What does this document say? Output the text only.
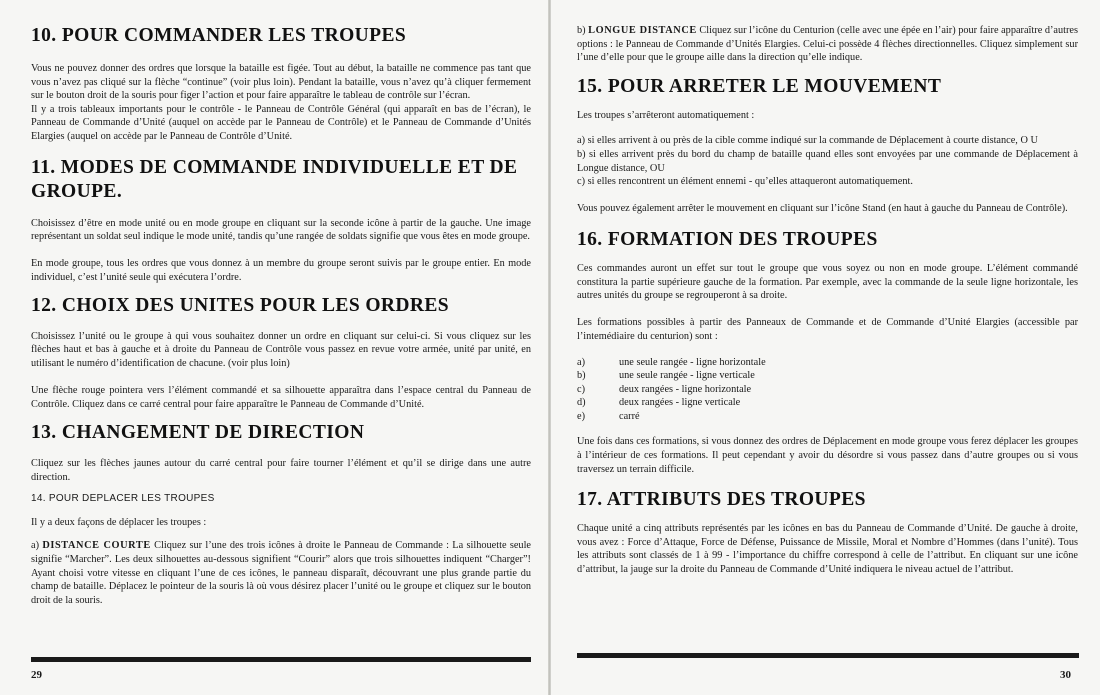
10. POUR COMMANDER LES TROUPES

Vous ne pouvez donner des ordres que lorsque la bataille est figée. Tout au début, la bataille ne commence pas tant que vous n’avez pas cliqué sur la flèche “continue” (voir plus loin). Pendant la bataille, vous n’avez qu’à cliquer fermement sur le bouton droit de la souris pour figer l’action et pour faire apparaître le tableau de contrôle sur l’écran.

Il y a trois tableaux importants pour le contrôle - le Panneau de Contrôle Général (qui apparaît en bas de l’écran), le Panneau de Commande d’Unité (auquel on accède par le Panneau de Contrôle) et le Panneau de Commande d’Unités Elargies (auquel on accède par le Panneau de Contrôle d’Unité.

11. MODES DE COMMANDE INDIVIDUELLE ET DE
GROUPE.

Choisissez d’être en mode unité ou en mode groupe en cliquant sur la seconde icône à partir de la gauche. Une image représentant un soldat seul indique le mode unité, tandis qu’une rangée de soldats signifie que vous êtes en mode groupe.

En mode groupe, tous les ordres que vous donnez à un membre du groupe seront suivis par le groupe entier. En mode individuel, c’est l’unité seule qui exécutera l’ordre.

12. CHOIX DES UNITES POUR LES ORDRES

Choisissez l’unité ou le groupe à qui vous souhaitez donner un ordre en cliquant sur celui-ci. Si vous cliquez sur les flèches haut et bas à gauche et à droite du Panneau de Contrôle vous passez en revue votre armée, unité par unité, en utilisant le numéro d’identification de chacune. (voir plus loin)

Une flèche rouge pointera vers l’élément commandé et sa silhouette apparaîtra dans l’espace central du Panneau de Contrôle. Cliquez dans ce carré central pour faire apparaître le Panneau de Commande d’Unité.

13. CHANGEMENT DE DIRECTION

Cliquez sur les flèches jaunes autour du carré central pour faire tourner l’élément et qu’il se dirige dans une autre direction.

14. POUR DEPLACER LES TROUPES

Il y a deux façons de déplacer les troupes :

a) DISTANCE COURTE Cliquez sur l’une des trois icônes à droite le Panneau de Commande : La silhouette seule signifie “Marcher”. Les deux silhouettes au-dessous signifient “Courir” alors que trois silhouettes indiquent “Charger”! Ayant choisi votre vitesse en cliquant l’une de ces icônes, le panneau disparaît, découvrant une plus grande partie du champ de bataille. Déplacez le pointeur de la souris là où vous désirez placer l’unité ou le groupe et cliquez sur le bouton droit de la souris.

29

b) LONGUE DISTANCE Cliquez sur l’icône du Centurion (celle avec une épée en l’air) pour faire apparaître d’autres options : le Panneau de Commande d’Unités Elargies. Celui-ci possède 4 flèches directionnelles. Cliquez simplement sur l’une d’elle pour que le groupe aille dans la direction qu’elle indique.

15. POUR ARRETER LE MOUVEMENT

Les troupes s’arrêteront automatiquement :

a) si elles arrivent à ou près de la cible comme indiqué sur la commande de Déplacement à courte distance, O U

b) si elles arrivent près du bord du champ de bataille quand elles sont envoyées par une commande de Déplacement à Longue distance, OU

c) si elles rencontrent un élément ennemi - qu’elles attaqueront automatiquement.

Vous pouvez également arrêter le mouvement en cliquant sur l’icône Stand (en haut à gauche du Panneau de Contrôle).

16. FORMATION DES TROUPES

Ces commandes auront un effet sur tout le groupe que vous soyez ou non en mode groupe. L’élément commandé constitura la partie supérieure gauche de la formation. Par exemple, avec la commande de la seule ligne horizontale, les autres unités du groupe se regrouperont à sa droite.

Les formations possibles à partir des Panneaux de Commande et de Commande d’Unité Elargies (accessible par l’intemédiaire du centurion) sont :

a)	une seule rangée - ligne horizontale
b)	une seule rangée - ligne verticale
c)	deux rangées - ligne horizontale
d)	deux rangées - ligne verticale
e)	carré

Une fois dans ces formations, si vous donnez des ordres de Déplacement en mode groupe vous ferez déplacer les groupes à l’intérieur de ces formations. Il peut cependant y avoir du désordre si vous passez dans d’autre groupes ou si vous traversez un terrain difficile.

17. ATTRIBUTS DES TROUPES

Chaque unité a cinq attributs représentés par les icônes en bas du Panneau de Commande d’Unité. De gauche à droite, vous avez : Force d’Attaque, Force de Défense, Puissance de Missile, Moral et Nombre d’Hommes (dans l’unité). Tous les attributs sont classés de 1 à 99 - l’importance du chiffre correspond à celle de l’attribut. En cliquant sur une icône d’attribut, la jauge sur la droite du Panneau de Commande d’Unité indiquera le niveau actuel de l’attribut.

30
